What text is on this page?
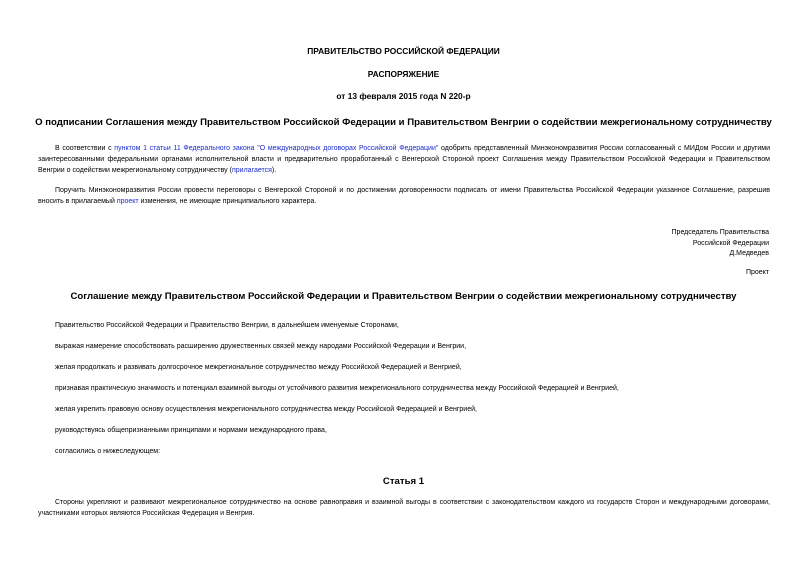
ПРАВИТЕЛЬСТВО РОССИЙСКОЙ ФЕДЕРАЦИИ
РАСПОРЯЖЕНИЕ
от 13 февраля 2015 года N 220-р
О подписании Соглашения между Правительством Российской Федерации и Правительством Венгрии о содействии межрегиональному сотрудничеству
В соответствии с пунктом 1 статьи 11 Федерального закона "О международных договорах Российской Федерации" одобрить представленный Минэкономразвития России согласованный с МИДом России и другими заинтересованными федеральными органами исполнительной власти и предварительно проработанный с Венгерской Стороной проект Соглашения между Правительством Российской Федерации и Правительством Венгрии о содействии межрегиональному сотрудничеству (прилагается).
Поручить Минэкономразвития России провести переговоры с Венгерской Стороной и по достижении договоренности подписать от имени Правительства Российской Федерации указанное Соглашение, разрешив вносить в прилагаемый проект изменения, не имеющие принципиального характера.
Председатель Правительства
Российской Федерации
Д.Медведев
Проект
Соглашение между Правительством Российской Федерации и Правительством Венгрии о содействии межрегиональному сотрудничеству
Правительство Российской Федерации и Правительство Венгрии, в дальнейшем именуемые Сторонами,
выражая намерение способствовать расширению дружественных связей между народами Российской Федерации и Венгрии,
желая продолжать и развивать долгосрочное межрегиональное сотрудничество между Российской Федерацией и Венгрией,
признавая практическую значимость и потенциал взаимной выгоды от устойчивого развития межрегионального сотрудничества между Российской Федерацией и Венгрией,
желая укрепить правовую основу осуществления межрегионального сотрудничества между Российской Федерацией и Венгрией,
руководствуясь общепризнанными принципами и нормами международного права,
согласились о нижеследующем:
Статья 1
Стороны укрепляют и развивают межрегиональное сотрудничество на основе равноправия и взаимной выгоды в соответствии с законодательством каждого из государств Сторон и международными договорами, участниками которых являются Российская Федерация и Венгрия.
